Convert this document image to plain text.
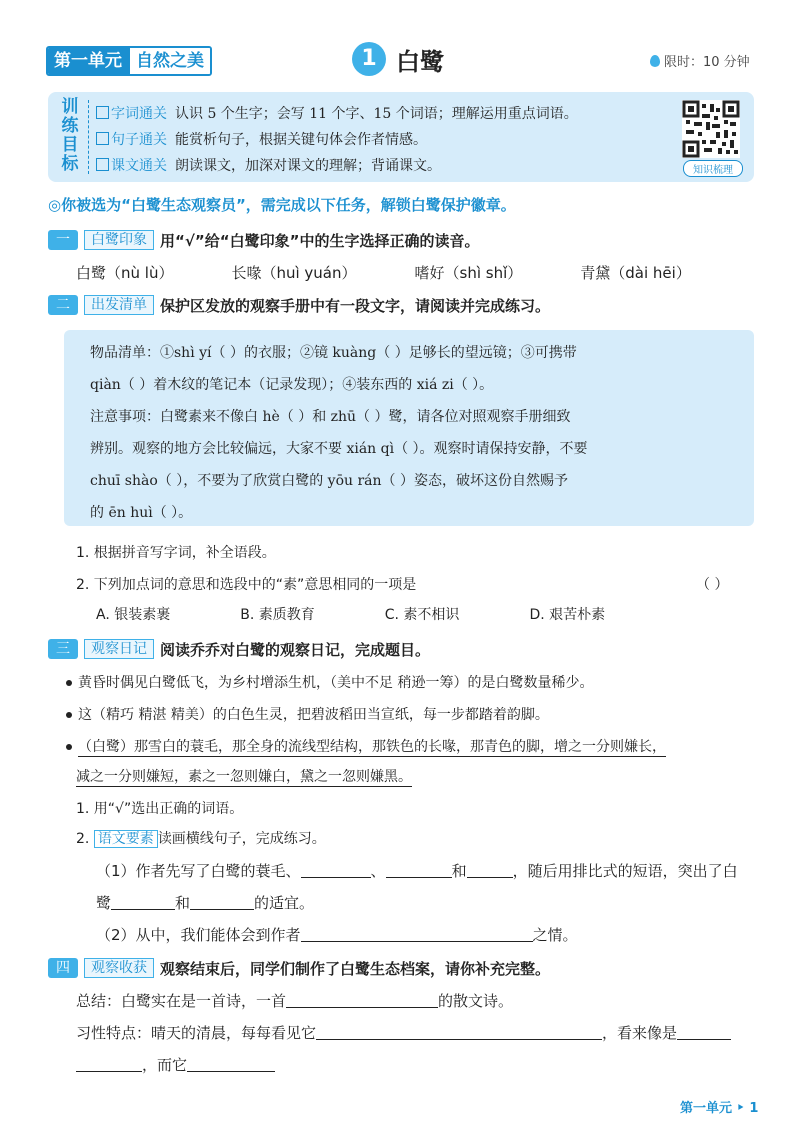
第一单元 自然之美	1 白鹭	限时：10 分钟
训练目标
字词通关 认识 5 个生字；会写 11 个字、15 个词语；理解运用重点词语。
句子通关 能赏析句子，根据关键句体会作者情感。
课文通关 朗读课文，加深对课文的理解；背诵课文。	知识梳理
◎你被选为“白鹭生态观察员”，需完成以下任务，解锁白鹭保护徽章。
一	白鹭印象 用“√”给“白鹭印象”中的生字选择正确的读音。
白鹭（nù lù）	长喙（huì yuán）	嗜好（shì shǐ）	青黛（dài hēi）
二	出发清单 保护区发放的观察手册中有一段文字，请阅读并完成练习。
物品清单：①shì yí（ ）的衣服；②镜 kuàng（ ）足够长的望远镜；③可携带
qiàn（ ）着木纹的笔记本（记录发现）；④装东西的 xiá zi（ ）。
注意事项：白鹭素来不像白 hè（ ）和 zhū（ ）鹭，请各位对照观察手册细致
辨别。观察的地方会比较偏远，大家不要 xián qì（ ）。观察时请保持安静，不要
chuī shào（ ），不要为了欣赏白鹭的 yōu rán（ ）姿态，破坏这份自然赐予
的 ēn huì（ ）。
1. 根据拼音写字词，补全语段。
2. 下列加点词的意思和选段中的“素”意思相同的一项是	（ ）
A. 银装素裹	B. 素质教育	C. 素不相识	D. 艰苦朴素
三	观察日记 阅读乔乔对白鹭的观察日记，完成题目。
黄昏时偶见白鹭低飞，为乡村增添生机，（美中不足 稍逊一筹）的是白鹭数量稀少。
这（精巧 精湛 精美）的白色生灵，把碧波稻田当宣纸，每一步都踏着韵脚。
（白鹭）那雪白的蓑毛，那全身的流线型结构，那铁色的长喙，那青色的脚，增之一分则嫌长，
减之一分则嫌短，素之一忽则嫌白，黛之一忽则嫌黑。
1. 用“√”选出正确的词语。
2. 语文要素 读画横线句子，完成练习。
（1）作者先写了白鹭的蓑毛、	、	和	，随后用排比式的短语，突出了白
鹭	和	的适宜。
（2）从中，我们能体会到作者	之情。
四	观察收获 观察结束后，同学们制作了白鹭生态档案，请你补充完整。
总结：白鹭实在是一首诗，一首	的散文诗。
习性特点：晴天的清晨，每每看见它	，看来像是
，而它
第一单元 ‣ 1
